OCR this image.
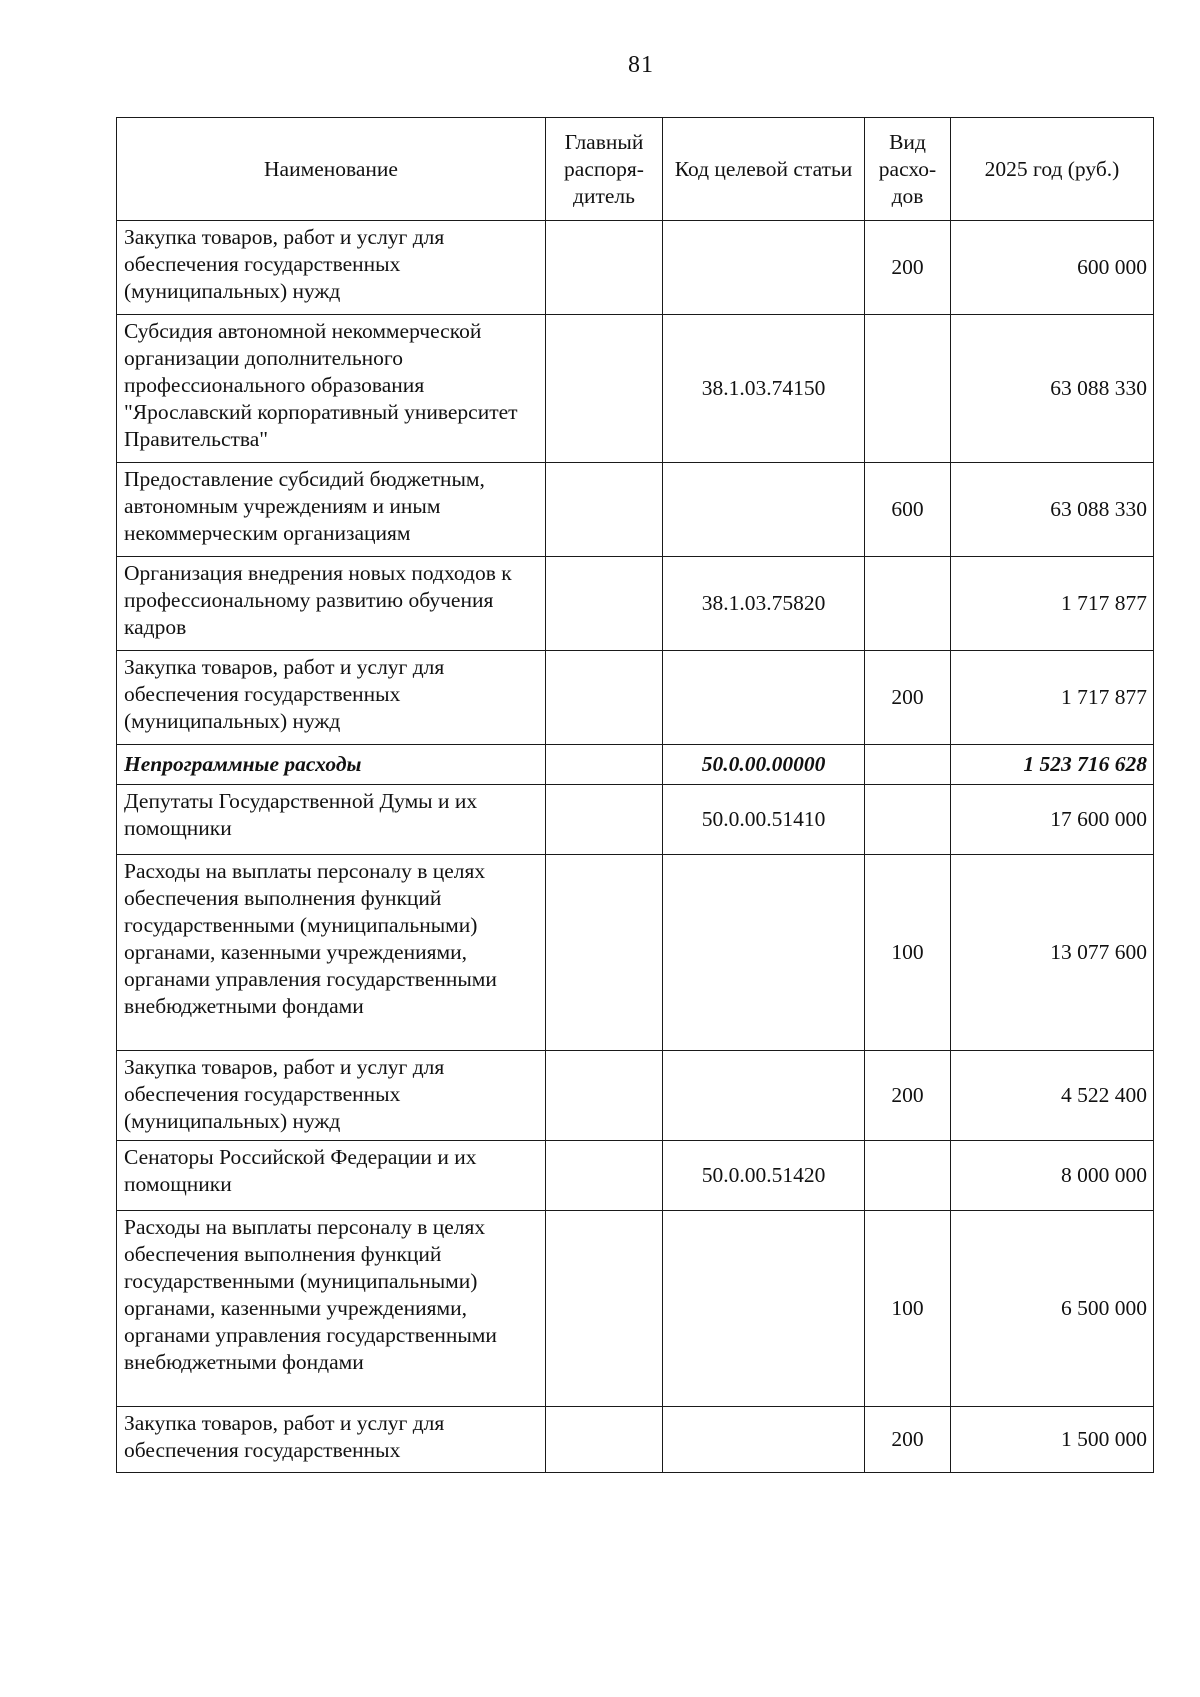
81
Наименование	Главный распоря-дитель	Код целевой статьи	Вид расхо-дов	2025 год (руб.)
Закупка товаров, работ и услуг для обеспечения государственных (муниципальных) нужд			200	600 000
Субсидия автономной некоммерческой организации дополнительного профессионального образования "Ярославский корпоративный университет Правительства"		38.1.03.74150		63 088 330
Предоставление субсидий бюджетным, автономным учреждениям и иным некоммерческим организациям			600	63 088 330
Организация внедрения новых подходов к профессиональному развитию обучения кадров		38.1.03.75820		1 717 877
Закупка товаров, работ и услуг для обеспечения государственных (муниципальных) нужд			200	1 717 877
Непрограммные расходы		50.0.00.00000		1 523 716 628
Депутаты Государственной Думы и их помощники		50.0.00.51410		17 600 000
Расходы на выплаты персоналу в целях обеспечения выполнения функций государственными (муниципальными) органами, казенными учреждениями, органами управления государственными внебюджетными фондами			100	13 077 600
Закупка товаров, работ и услуг для обеспечения государственных (муниципальных) нужд			200	4 522 400
Сенаторы Российской Федерации и их помощники		50.0.00.51420		8 000 000
Расходы на выплаты персоналу в целях обеспечения выполнения функций государственными (муниципальными) органами, казенными учреждениями, органами управления государственными внебюджетными фондами			100	6 500 000
Закупка товаров, работ и услуг для обеспечения государственных			200	1 500 000
